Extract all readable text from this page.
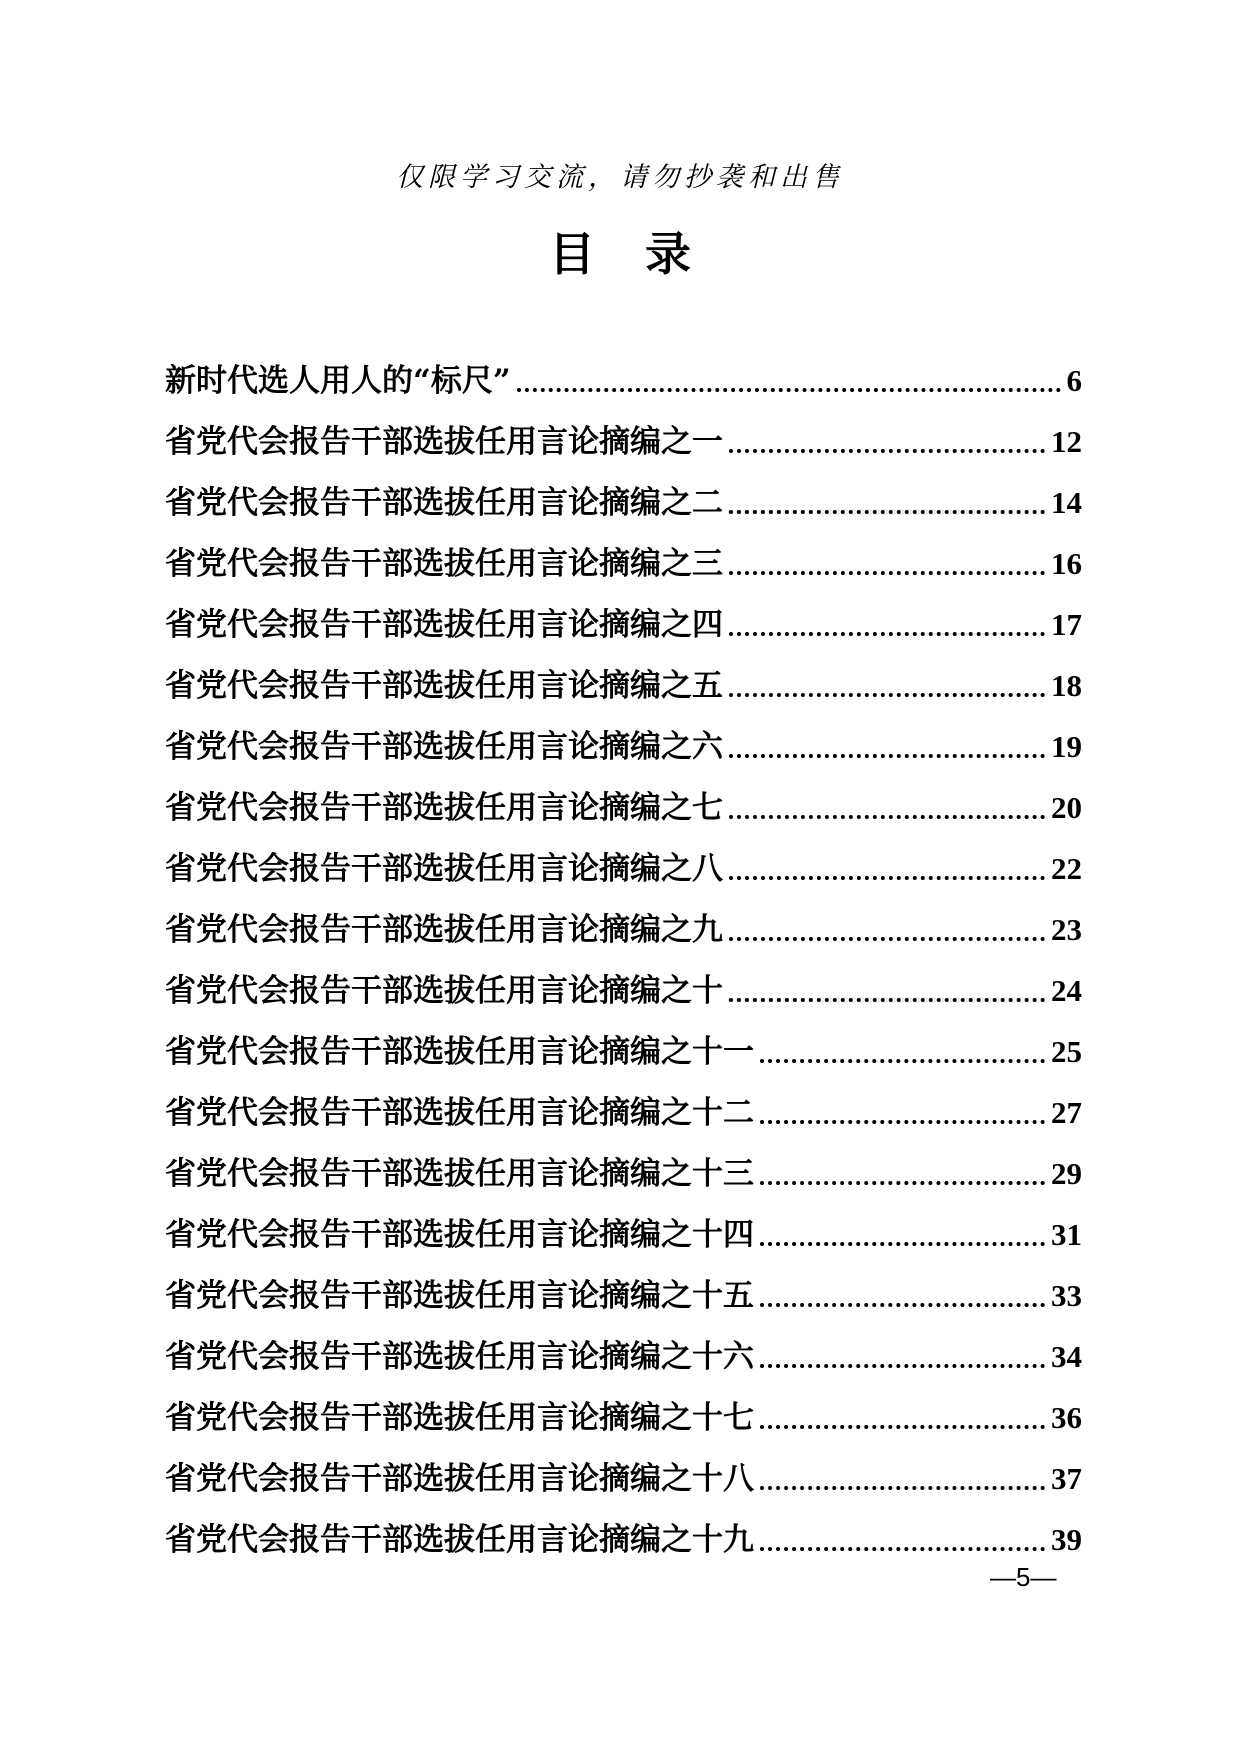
仅限学习交流，请勿抄袭和出售
目录
新时代选人用人的“标尺”	6
省党代会报告干部选拔任用言论摘编之一	12
省党代会报告干部选拔任用言论摘编之二	14
省党代会报告干部选拔任用言论摘编之三	16
省党代会报告干部选拔任用言论摘编之四	17
省党代会报告干部选拔任用言论摘编之五	18
省党代会报告干部选拔任用言论摘编之六	19
省党代会报告干部选拔任用言论摘编之七	20
省党代会报告干部选拔任用言论摘编之八	22
省党代会报告干部选拔任用言论摘编之九	23
省党代会报告干部选拔任用言论摘编之十	24
省党代会报告干部选拔任用言论摘编之十一	25
省党代会报告干部选拔任用言论摘编之十二	27
省党代会报告干部选拔任用言论摘编之十三	29
省党代会报告干部选拔任用言论摘编之十四	31
省党代会报告干部选拔任用言论摘编之十五	33
省党代会报告干部选拔任用言论摘编之十六	34
省党代会报告干部选拔任用言论摘编之十七	36
省党代会报告干部选拔任用言论摘编之十八	37
省党代会报告干部选拔任用言论摘编之十九	39
—5—
